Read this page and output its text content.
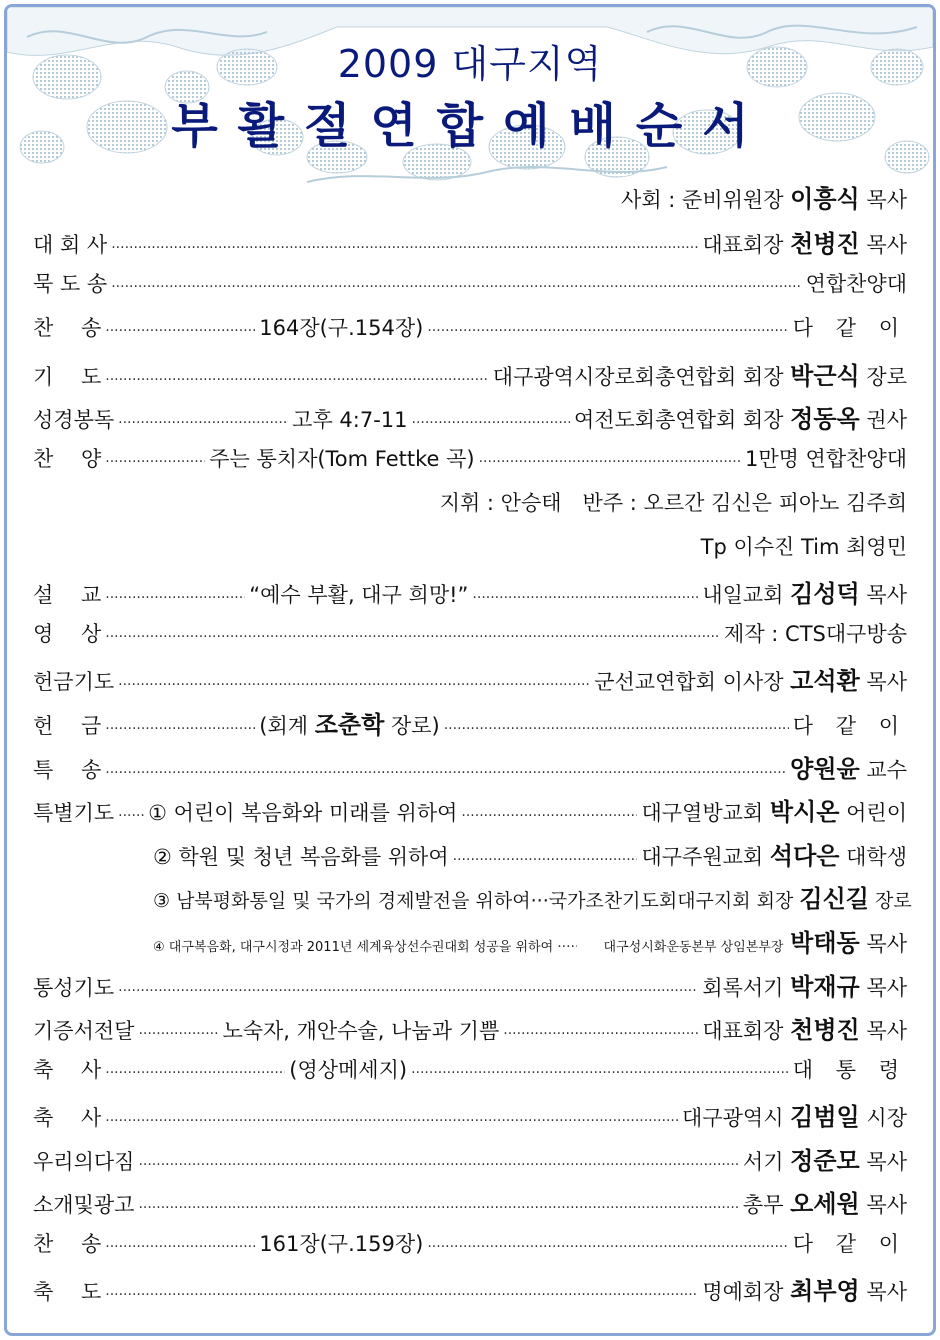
2009 대구지역
부활절연합예배순서
사회 : 준비위원장 이흥식 목사
대 회 사 ·····	대표회장 천병진 목사
묵 도 송 ·····	연합찬양대
찬　 송 ·····	164장(구.154장) ·····	다 같 이
기　 도 ·····	대구광역시장로회총연합회 회장 박근식 장로
성경봉독 ·····	고후 4:7-11 ·····	여전도회총연합회 회장 정동옥 권사
찬　 양 ·····	주는 통치자(Tom Fettke 곡) ·····	1만명 연합찬양대
지휘 : 안승태　반주 : 오르간 김신은 피아노 김주희
Tp 이수진 Tim 최영민
설　 교 ·····	“예수 부활, 대구 희망!” ·····	내일교회 김성덕 목사
영　 상 ·····	제작 : CTS대구방송
헌금기도 ·····	군선교연합회 이사장 고석환 목사
헌　 금 ·····	(회계 조춘학 장로) ·····	다 같 이
특　 송 ·····	양원윤 교수
특별기도 ····· ① 어린이 복음화와 미래를 위하여 ·····	대구열방교회 박시온 어린이
② 학원 및 청년 복음화를 위하여 ·····	대구주원교회 석다은 대학생
③ 남북평화통일 및 국가의 경제발전을 위하여 ···국가조찬기도회대구지회 회장 김신길 장로
④ 대구복음화, 대구시정과 2011년 세계육상선수권대회 성공을 위하여 ·····	대구성시화운동본부 상임본부장 박태동 목사
통성기도 ·····	회록서기 박재규 목사
기증서전달 ·····	노숙자, 개안수술, 나눔과 기쁨 ·····	대표회장 천병진 목사
축　 사 ·····	(영상메세지) ·····	대 통 령
축　 사 ·····	대구광역시 김범일 시장
우리의다짐 ·····	서기 정준모 목사
소개및광고 ·····	총무 오세원 목사
찬　 송 ·····	161장(구.159장) ·····	다 같 이
축　 도 ·····	명예회장 최부영 목사
